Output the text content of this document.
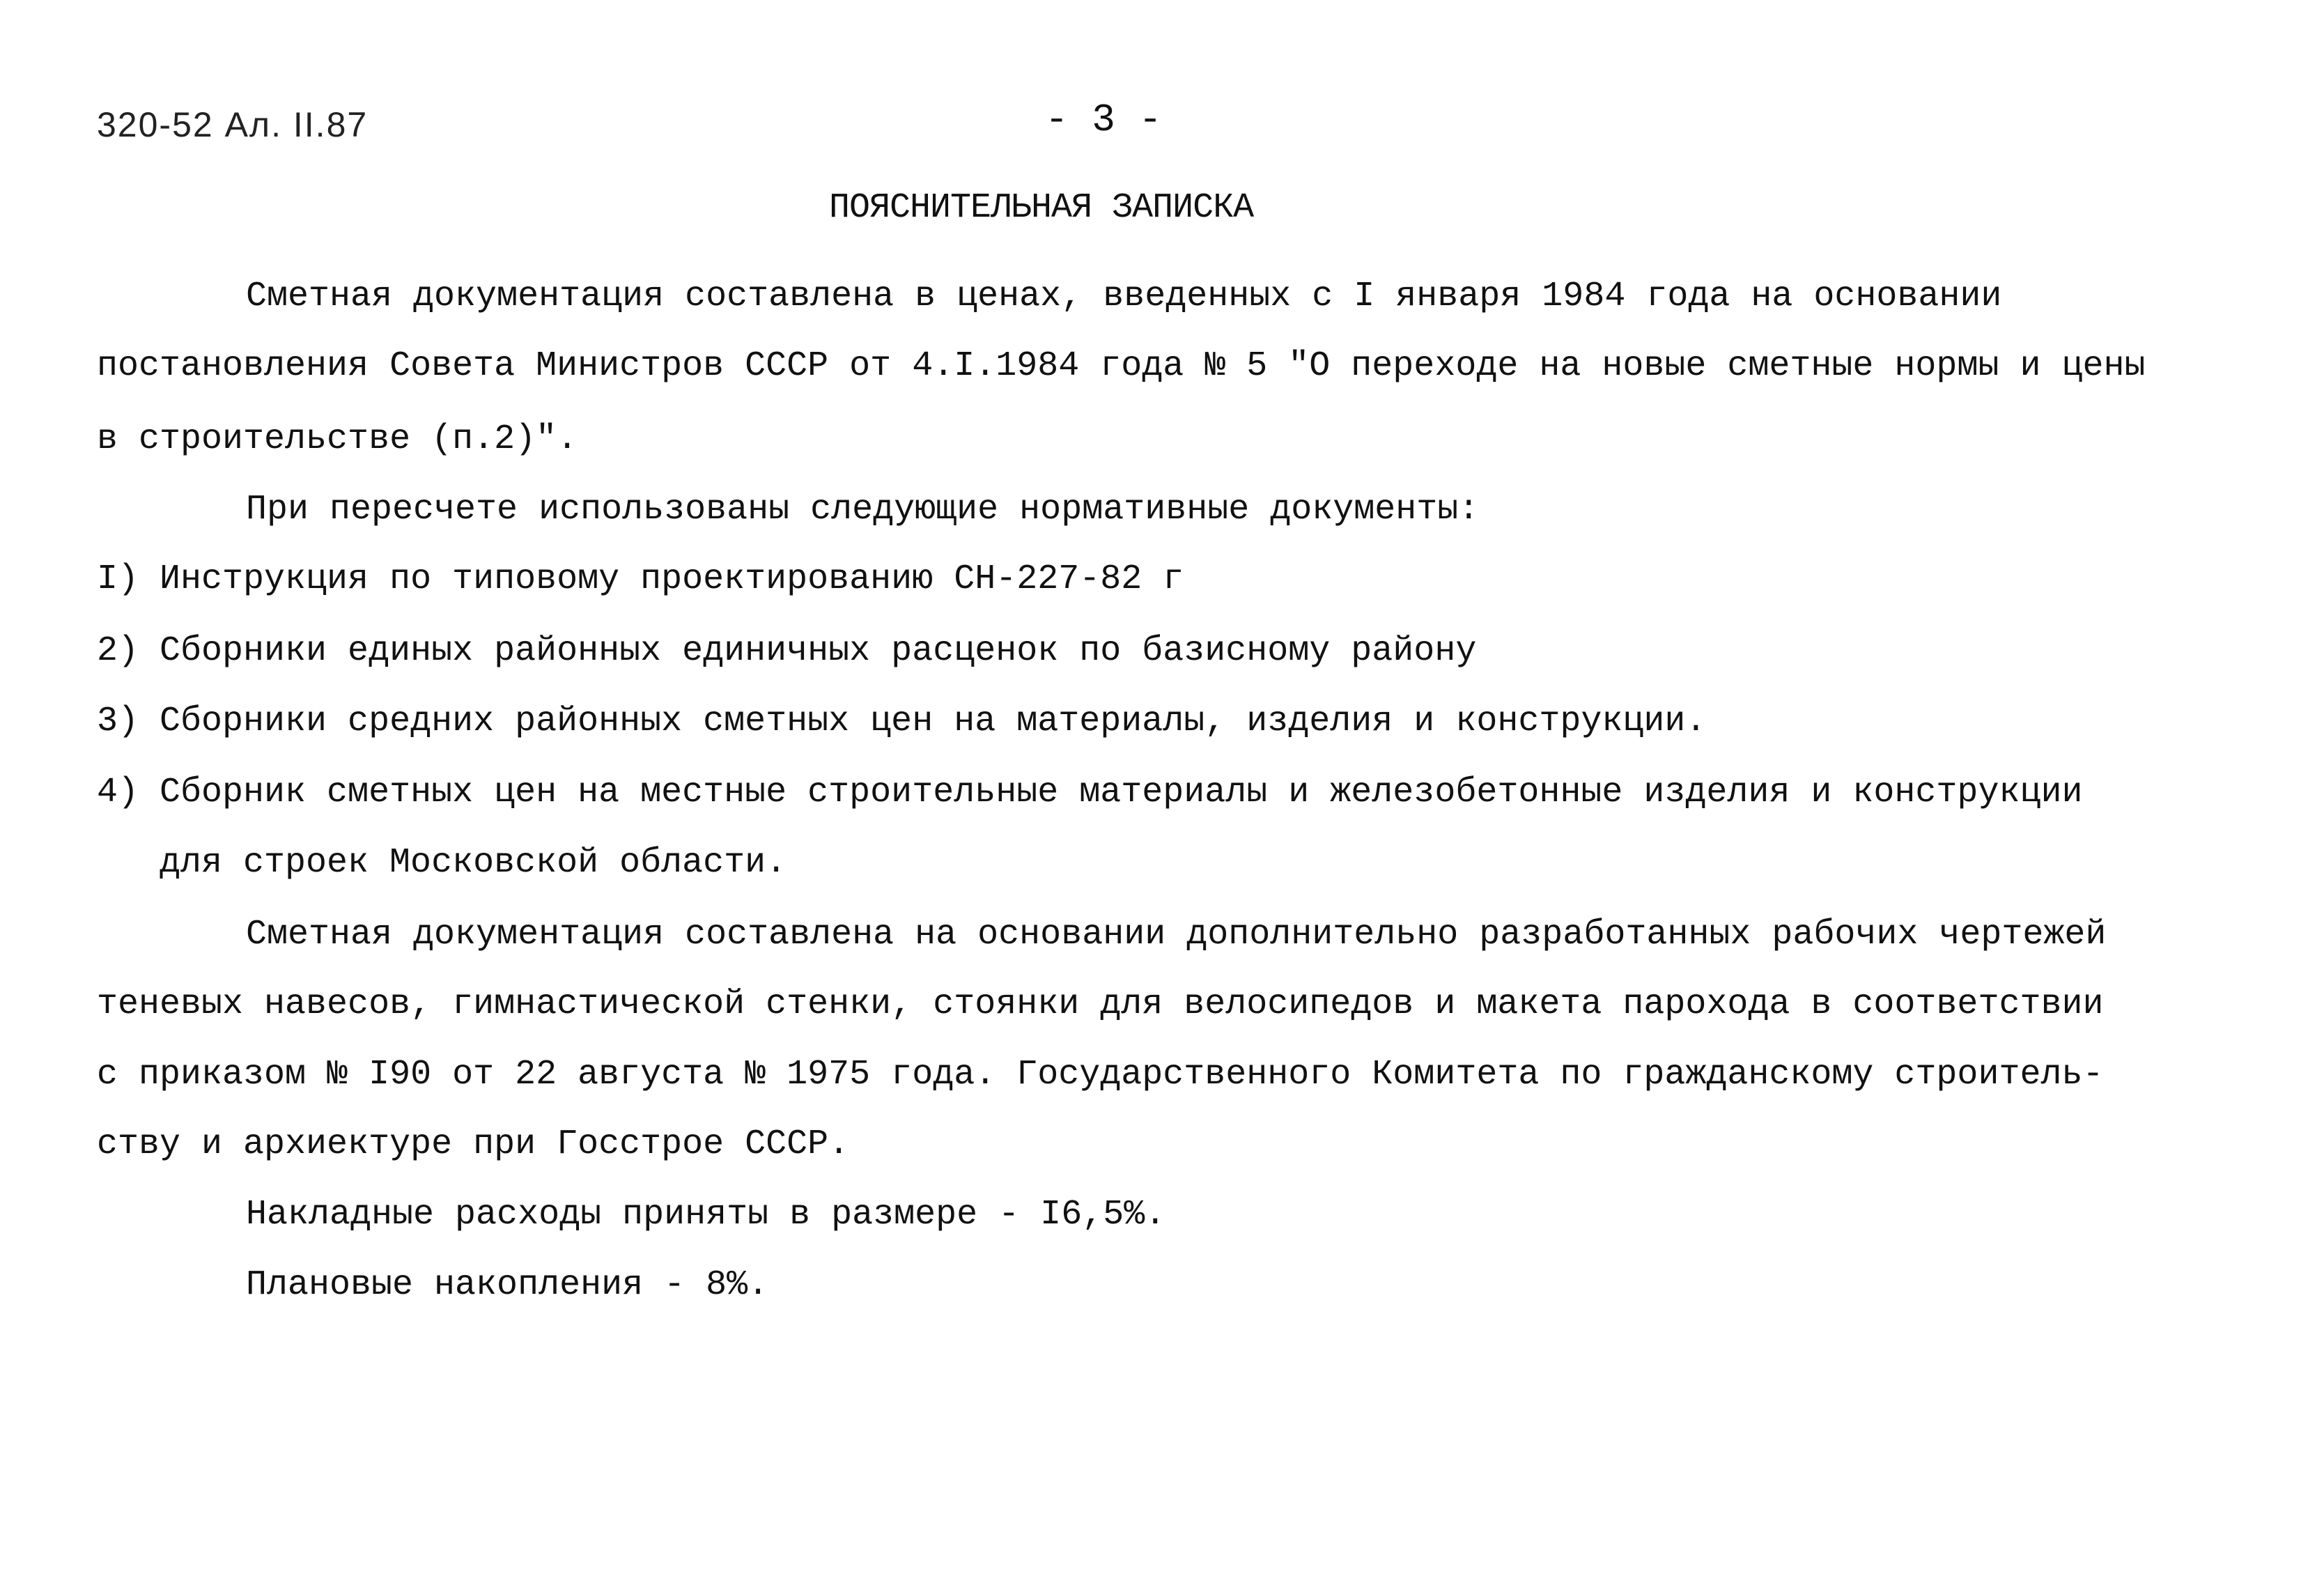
320-52 Ал. II.87	- 3 -
ПОЯСНИТЕЛЬНАЯ ЗАПИСКА
Сметная документация составлена в ценах, введенных с I января 1984 года на основании
постановления Совета Министров СССР от 4.I.1984 года № 5 "О переходе на новые сметные нормы и цены
в строительстве (п.2)".
При пересчете использованы следующие нормативные документы:
I) Инструкция по типовому проектированию СН-227-82 г
2) Сборники единых районных единичных расценок по базисному району
3) Сборники средних районных сметных цен на материалы, изделия и конструкции.
4) Сборник сметных цен на местные строительные материалы и железобетонные изделия и конструкции
для строек Московской области.
Сметная документация составлена на основании дополнительно разработанных рабочих чертежей
теневых навесов, гимнастической стенки, стоянки для велосипедов и макета парохода в соответствии
с приказом № I90 от 22 августа № 1975 года. Государственного Комитета по гражданскому строитель-
ству и архиектуре при Госстрое СССР.
Накладные расходы приняты в размере - I6,5%.
Плановые накопления - 8%.
